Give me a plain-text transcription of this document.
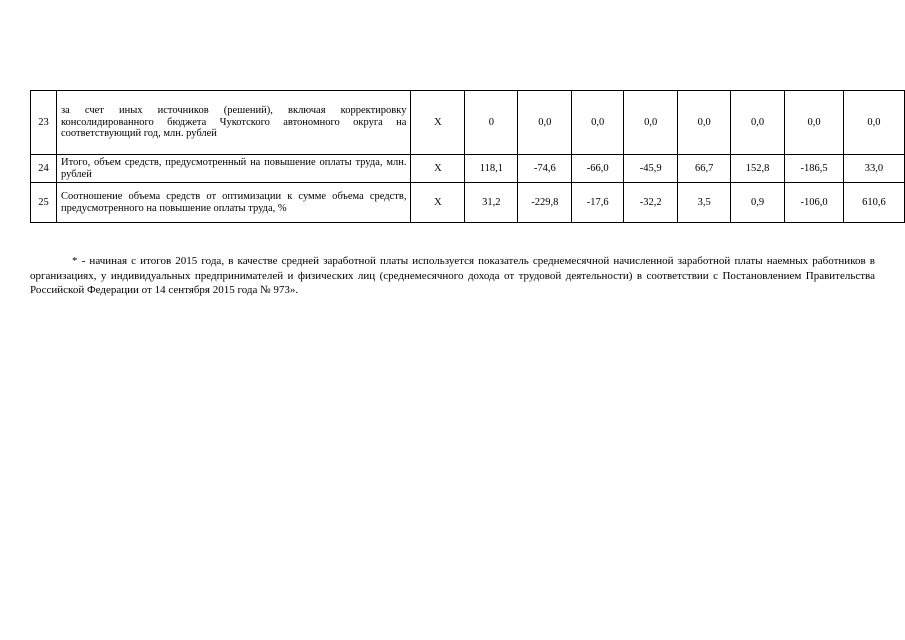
23	за счет иных источников (решений), включая корректировку консолидированного бюджета Чукотского автономного округа на соответствующий год, млн. рублей	X	0	0,0	0,0	0,0	0,0	0,0	0,0	0,0
24	Итого, объем средств, предусмотренный на повышение оплаты труда, млн. рублей	X	118,1	-74,6	-66,0	-45,9	66,7	152,8	-186,5	33,0
25	Соотношение объема средств от оптимизации к сумме объема средств, предусмотренного на повышение оплаты труда, %	X	31,2	-229,8	-17,6	-32,2	3,5	0,9	-106,0	610,6

* - начиная с итогов 2015 года, в качестве средней заработной платы используется показатель среднемесячной начисленной заработной платы наемных работников в организациях, у индивидуальных предпринимателей и физических лиц (среднемесячного дохода от трудовой деятельности) в соответствии с Постановлением Правительства Российской Федерации от 14 сентября 2015 года № 973».
